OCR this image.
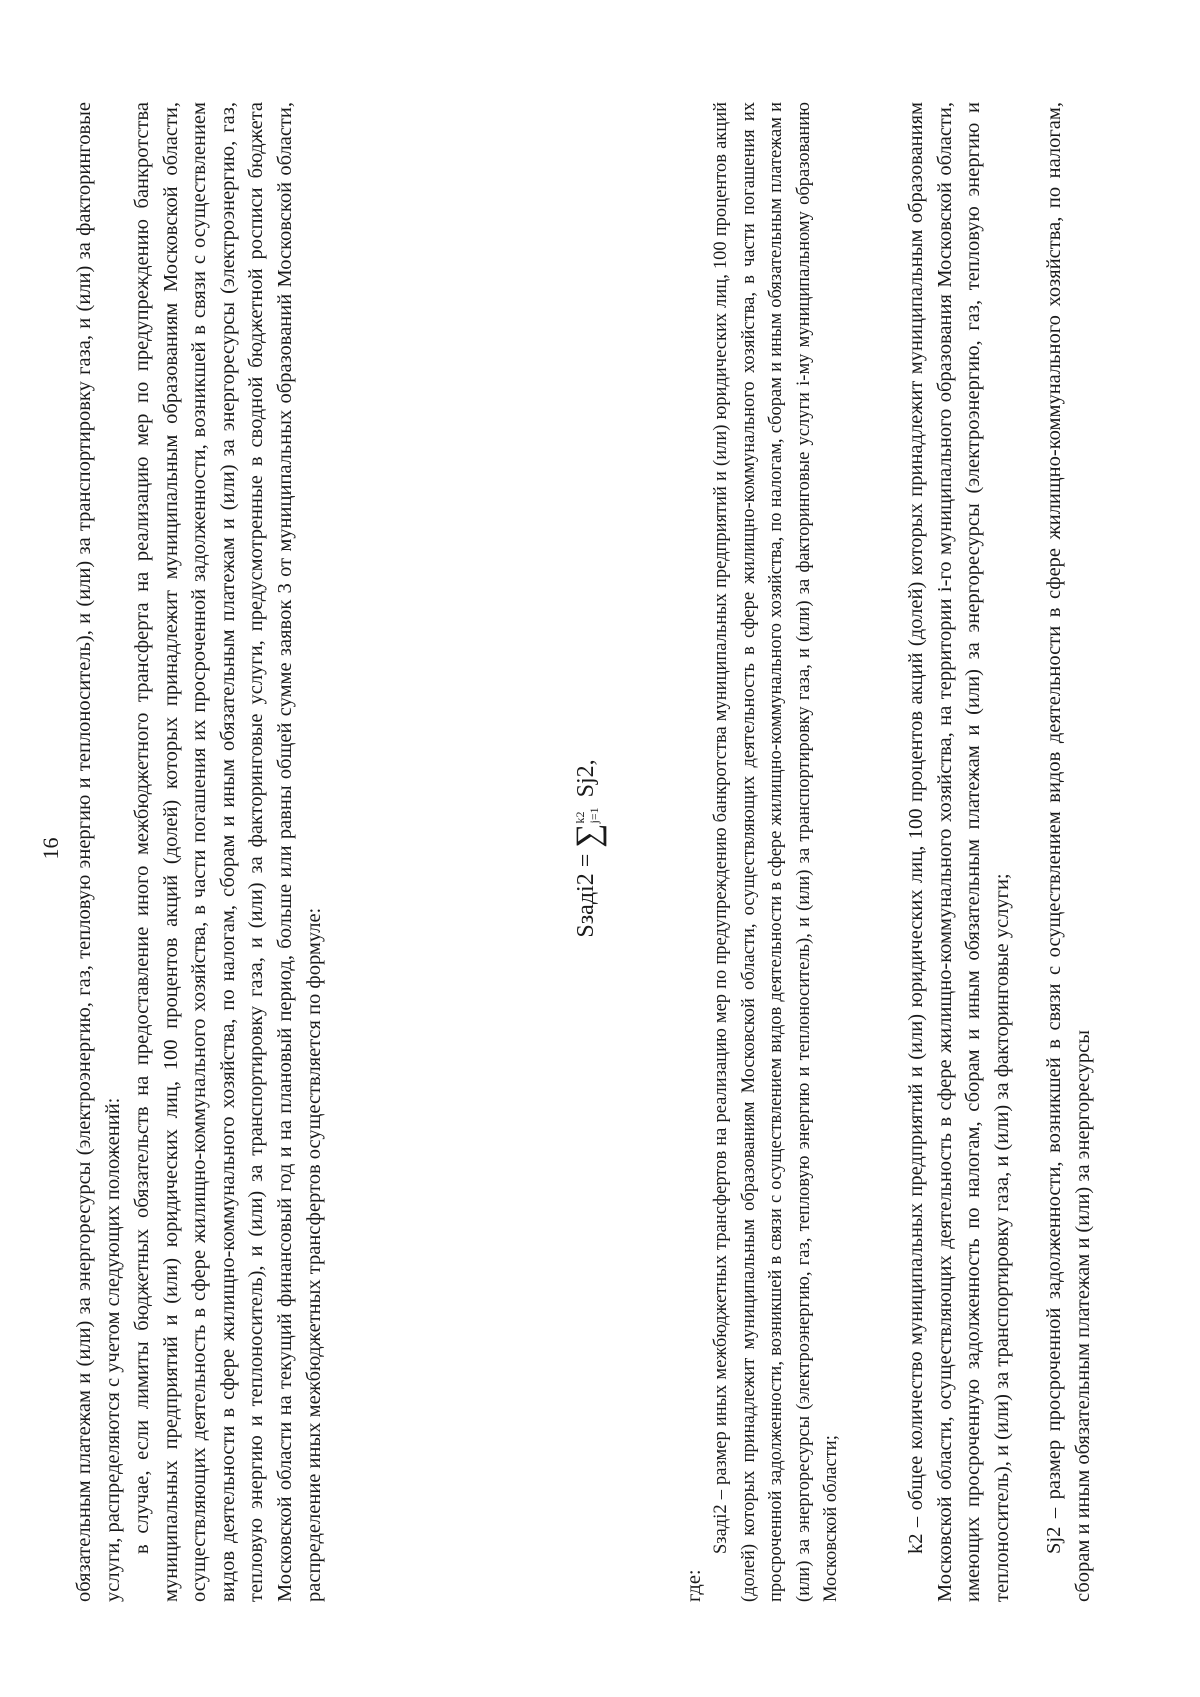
16 обязательным платежам и (или) за энергоресурсы (электроэнергию, газ, тепловую энергию и теплоноситель), и (или) за транспортировку газа, и (или) за факторинговые услуги, распределяются с учетом следующих положений: в случае, если лимиты бюджетных обязательств на предоставление иного межбюджетного трансферта на реализацию мер по предупреждению банкротства муниципальных предприятий и (или) юридических лиц, 100 процентов акций (долей) которых принадлежит муниципальным образованиям Московской области, осуществляющих деятельность в сфере жилищно-коммунального хозяйства, в части погашения их просроченной задолженности, возникшей в связи с осуществлением видов деятельности в сфере жилищно-коммунального хозяйства, по налогам, сборам и иным обязательным платежам и (или) за энергоресурсы (электроэнергию, газ, тепловую энергию и теплоноситель), и (или) за транспортировку газа, и (или) за факторинговые услуги, предусмотренные в сводной бюджетной росписи бюджета Московской области на текущий финансовый год и на плановый период, больше или равны общей сумме заявок 3 от муниципальных образований Московской области, распределение иных межбюджетных трансфертов осуществляется по формуле:

Sзадi2 = ∑
k2 j=1
Sj2,

где:

Sзадi2 – размер иных межбюджетных трансфертов на реализацию мер по предупреждению банкротства муниципальных предприятий и (или) юридических лиц, 100 процентов акций (долей) которых принадлежит муниципальным образованиям Московской области, осуществляющих деятельность в сфере жилищно-коммунального хозяйства, в части погашения их просроченной задолженности, возникшей в связи с осуществлением видов деятельности в сфере жилищно-коммунального хозяйства, по налогам, сборам и иным обязательным платежам и (или) за энергоресурсы (электроэнергию, газ, тепловую энергию и теплоноситель), и (или) за транспортировку газа, и (или) за факторинговые услуги i-му муниципальному образованию Московской области;	k2 – общее количество муниципальных предприятий и (или) юридических лиц, 100 процентов акций (долей) которых принадлежит муниципальным образованиям Московской области, осуществляющих деятельность в сфере жилищно-коммунального хозяйства, на территории i-го муниципального образования Московской области, имеющих просроченную задолженность по налогам, сборам и иным обязательным платежам и (или) за энергоресурсы (электроэнергию, газ, тепловую энергию и теплоноситель), и (или) за транспортировку газа, и (или) за факторинговые услуги; Sj2 – размер просроченной задолженности, возникшей в связи с осуществлением видов деятельности в сфере жилищно-коммунального хозяйства, по налогам, сборам и иным обязательным платежам и (или) за энергоресурсы
